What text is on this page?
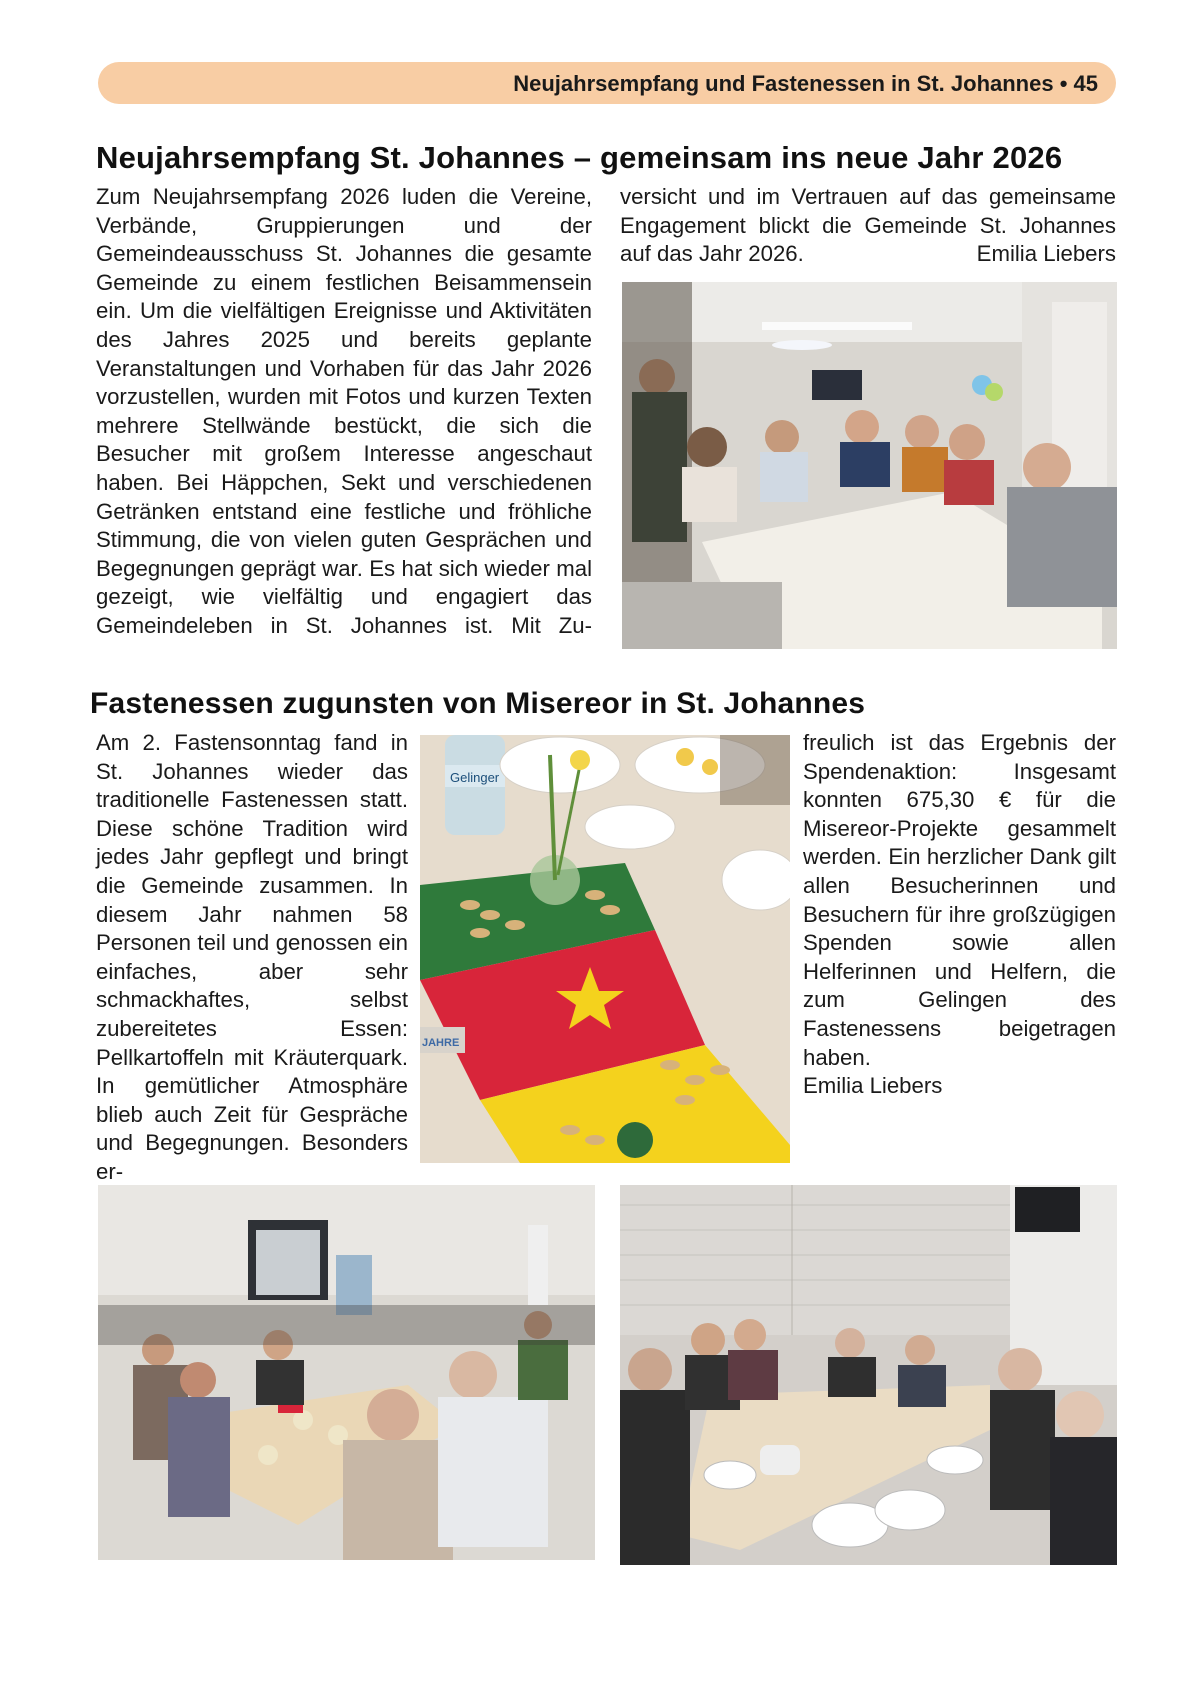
Neujahrsempfang und Fastenessen in St. Johannes • 45
Neujahrsempfang St. Johannes – gemeinsam ins neue Jahr 2026

Zum Neujahrsempfang 2026 luden die Vereine, Verbände, Gruppierungen und der Gemeindeausschuss St. Johannes die gesamte Gemeinde zu einem festlichen Beisammensein ein. Um die vielfältigen Ereignisse und Aktivitäten des Jahres 2025 und bereits geplante Veranstaltungen und Vorhaben für das Jahr 2026 vorzustellen, wurden mit Fotos und kurzen Texten mehrere Stellwände bestückt, die sich die Besucher mit großem Interesse angeschaut haben. Bei Häppchen, Sekt und verschiedenen Getränken entstand eine festliche und fröhliche Stimmung, die von vielen guten Gesprächen und Begegnungen geprägt war. Es hat sich wieder mal gezeigt, wie vielfältig und engagiert das Gemeindeleben in St. Johannes ist. Mit Zu-

versicht und im Vertrauen auf das gemeinsame Engagement blickt die Gemeinde St. Johannes auf das Jahr 2026.	Emilia Liebers

Fastenessen zugunsten von Misereor in St. Johannes

Am 2. Fastensonntag fand in St. Johannes wieder das traditionelle Fastenessen statt. Diese schöne Tradition wird jedes Jahr gepflegt und bringt die Gemeinde zusammen. In diesem Jahr nahmen 58 Personen teil und genossen ein einfaches, aber sehr schmackhaftes, selbst zubereitetes Essen: Pellkartoffeln mit Kräuterquark. In gemütlicher Atmosphäre blieb auch Zeit für Gespräche und Begegnungen. Besonders er-

Gelinger
JAHRE

freulich ist das Ergebnis der Spendenaktion: Insgesamt konnten 675,30 € für die Misereor-Projekte gesammelt werden. Ein herzlicher Dank gilt allen Besucherinnen und Besuchern für ihre großzügigen Spenden sowie allen Helferinnen und Helfern, die zum Gelingen des Fastenessens beigetragen haben.

Emilia Liebers
